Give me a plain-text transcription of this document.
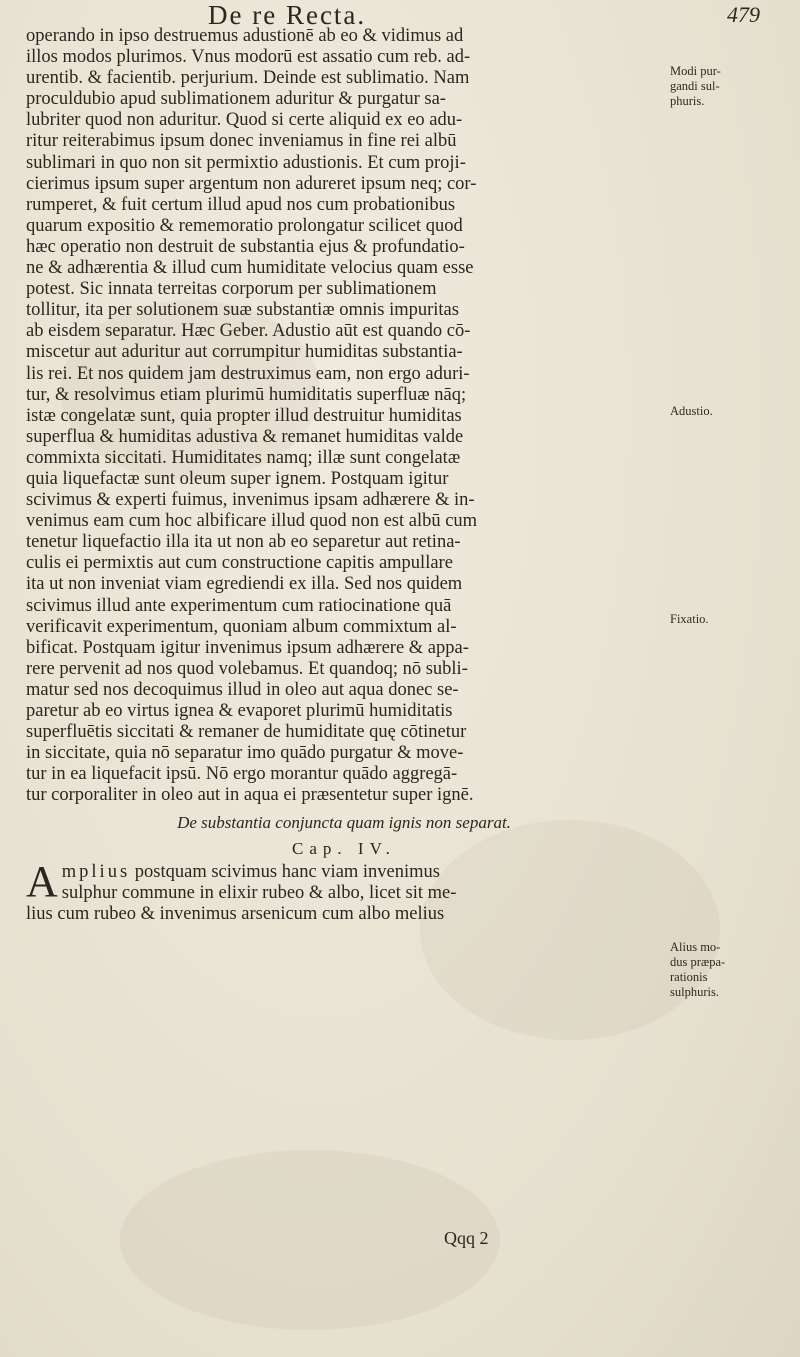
De re Recta.	479
operando in ipso destruemus adustionē ab eo & vidimus ad
illos modos plurimos. Vnus modorū est assatio cum reb. ad-
urentib. & facientib. perjurium. Deinde est sublimatio. Nam
proculdubio apud sublimationem aduritur & purgatur sa-
lubriter quod non aduritur. Quod si certe aliquid ex eo adu-
ritur reiterabimus ipsum donec inveniamus in fine rei albū
sublimari in quo non sit permixtio adustionis. Et cum proji-
cierimus ipsum super argentum non adureret ipsum neq; cor-
rumperet, & fuit certum illud apud nos cum probationibus
quarum expositio & rememoratio prolongatur scilicet quod
hæc operatio non destruit de substantia ejus & profundatio-
ne & adhærentia & illud cum humiditate velocius quam esse
potest. Sic innata terreitas corporum per sublimationem
tollitur, ita per solutionem suæ substantiæ omnis impuritas
ab eisdem separatur. Hæc Geber. Adustio aūt est quando cō-
miscetur aut aduritur aut corrumpitur humiditas substantia-
lis rei. Et nos quidem jam destruximus eam, non ergo aduri-
tur, & resolvimus etiam plurimū humiditatis superfluæ nāq;
istæ congelatæ sunt, quia propter illud destruitur humiditas
superflua & humiditas adustiva & remanet humiditas valde
commixta siccitati. Humiditates namq; illæ sunt congelatæ
quia liquefactæ sunt oleum super ignem. Postquam igitur
scivimus & experti fuimus, invenimus ipsam adhærere & in-
venimus eam cum hoc albificare illud quod non est albū cum
tenetur liquefactio illa ita ut non ab eo separetur aut retina-
culis ei permixtis aut cum constructione capitis ampullare
ita ut non inveniat viam egrediendi ex illa. Sed nos quidem
scivimus illud ante experimentum cum ratiocinatione quā
verificavit experimentum, quoniam album commixtum al-
bificat. Postquam igitur invenimus ipsum adhærere & appa-
rere pervenit ad nos quod volebamus. Et quandoq; nō subli-
matur sed nos decoquimus illud in oleo aut aqua donec se-
paretur ab eo virtus ignea & evaporet plurimū humiditatis
superfluētis siccitati & remaner de humiditate quę cōtinetur
in siccitate, quia nō separatur imo quādo purgatur & move-
tur in ea liquefacit ipsū. Nō ergo morantur quādo aggregā-
tur corporaliter in oleo aut in aqua ei præsentetur super ignē.
De substantia conjuncta quam ignis non separat.
Cap. IV.
A mplius postquam scivimus hanc viam invenimus
sulphur commune in elixir rubeo & albo, licet sit me-
lius cum rubeo & invenimus arsenicum cum albo melius
Qqq 2
Modi pur-
gandi sul-
phuris.
Adustio.
Fixatio.
Alius mo-
dus præpa-
rationis
sulphuris.
